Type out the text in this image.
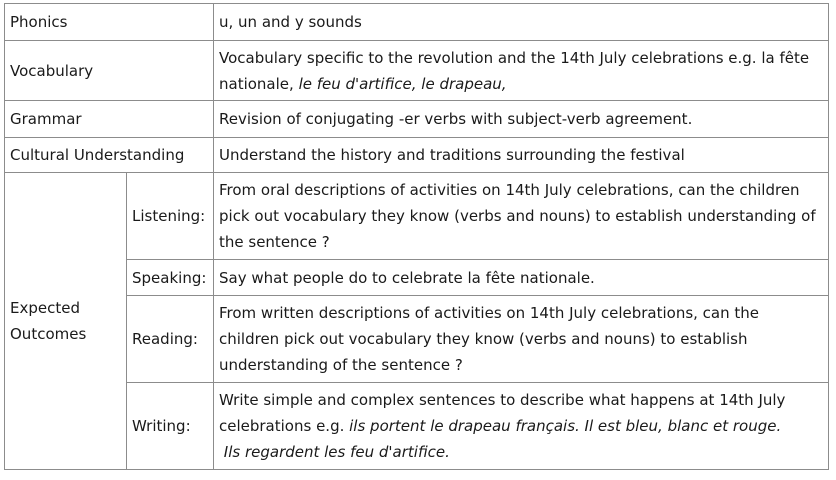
Phonics		u, un and y sounds
Vocabulary		Vocabulary specific to the revolution and the 14th July celebrations e.g. la fête nationale, le feu d'artifice, le drapeau,
Grammar		Revision of conjugating -er verbs with subject-verb agreement.
Cultural Understanding		Understand the history and traditions surrounding the festival
Expected Outcomes	Listening:	From oral descriptions of activities on 14th July celebrations, can the children pick out vocabulary they know (verbs and nouns) to establish understanding of the sentence ?
	Speaking:	Say what people do to celebrate la fête nationale.
	Reading:	From written descriptions of activities on 14th July celebrations, can the children pick out vocabulary they know (verbs and nouns) to establish understanding of the sentence ?
	Writing:	Write simple and complex sentences to describe what happens at 14th July celebrations e.g. ils portent le drapeau français. Il est bleu, blanc et rouge.
Ils regardent les feu d'artifice.
